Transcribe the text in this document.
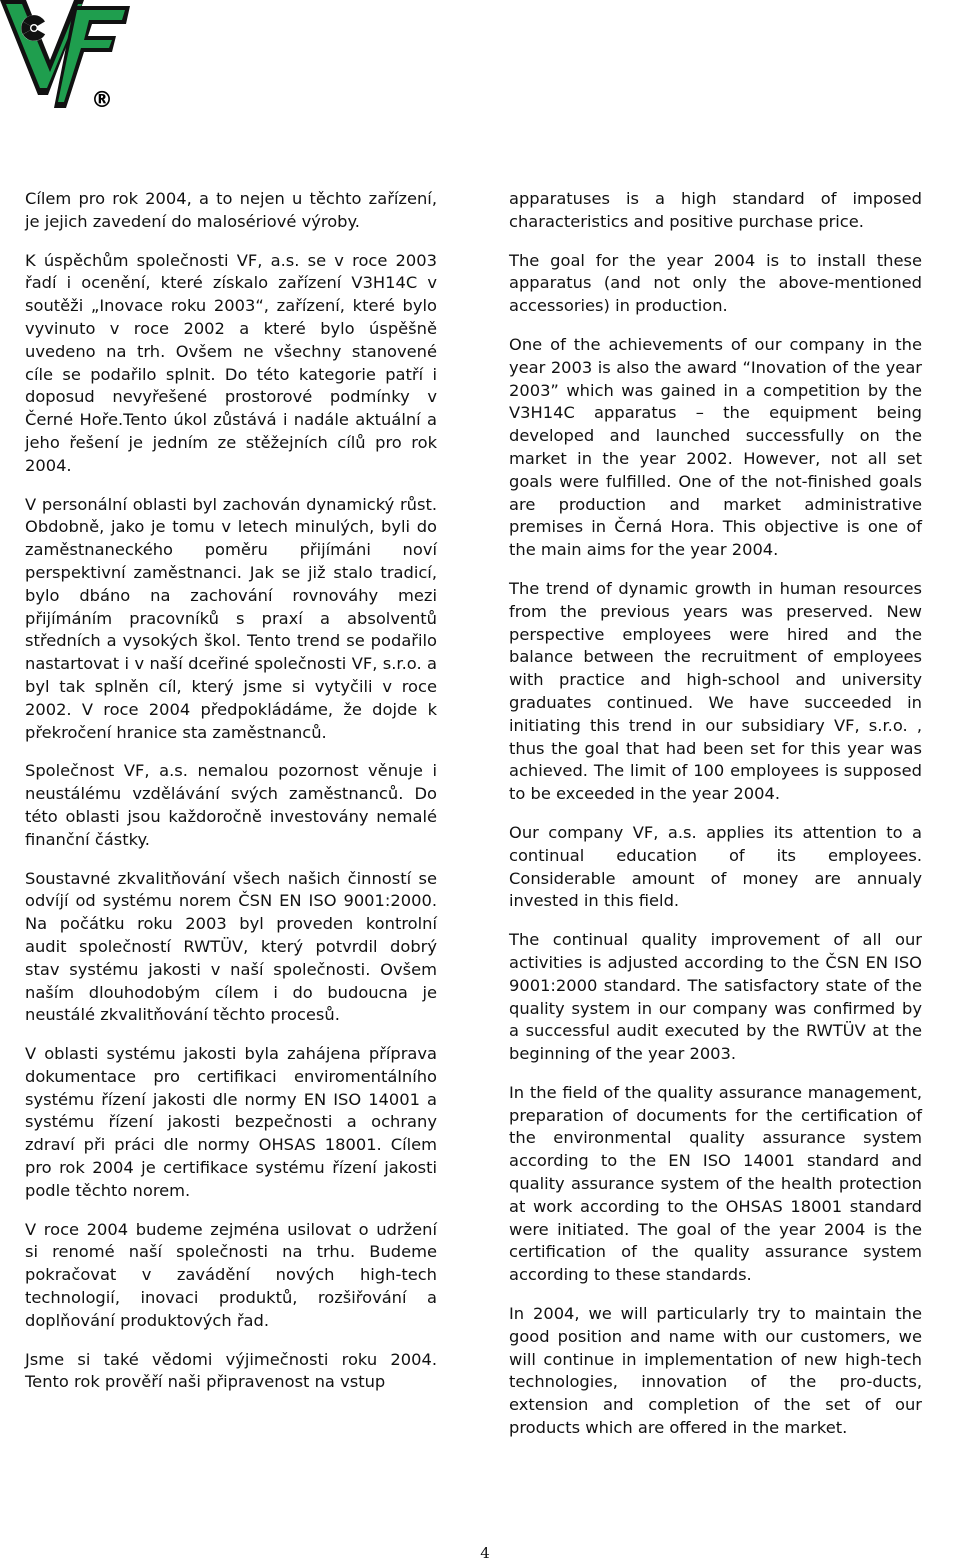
®

Cílem pro rok 2004, a to nejen u těchto zařízení, je jejich zavedení do malosériové výroby.

K úspěchům společnosti VF, a.s. se v roce 2003 řadí i ocenění, které získalo zařízení V3H14C v soutěži „Inovace roku 2003“, zařízení, které bylo vyvinuto v roce 2002 a které bylo úspěšně uvedeno na trh. Ovšem ne všechny stanovené cíle se podařilo splnit. Do této kategorie patří i doposud nevyřešené prostorové podmínky v Černé Hoře.Tento úkol zůstává i nadále aktuální a jeho řešení je jedním ze stěžejních cílů pro rok 2004.

V personální oblasti byl zachován dynamický růst. Obdobně, jako je tomu v letech minulých, byli do zaměstnaneckého poměru přijímáni noví perspektivní zaměstnanci. Jak se již stalo tradicí, bylo dbáno na zachování rovnováhy mezi přijímáním pracovníků s praxí a absolventů středních a vysokých škol. Tento trend se podařilo nastartovat i v naší dceřiné společnosti VF, s.r.o. a byl tak splněn cíl, který jsme si vytyčili v roce 2002. V roce 2004 předpokládáme, že dojde k překročení hranice sta zaměstnanců.

Společnost VF, a.s. nemalou pozornost věnuje i neustálému vzdělávání svých zaměstnanců. Do této oblasti jsou každoročně investovány nemalé finanční částky.

Soustavné zkvalitňování všech našich činností se odvíjí od systému norem ČSN EN ISO 9001:2000. Na počátku roku 2003 byl proveden kontrolní audit společností RWTÜV, který potvrdil dobrý stav systému jakosti v naší společnosti. Ovšem naším dlouhodobým cílem i do budoucna je neustálé zkvalitňování těchto procesů.

V oblasti systému jakosti byla zahájena příprava dokumentace pro certifikaci enviromentálního systému řízení jakosti dle normy EN ISO 14001 a systému řízení jakosti bezpečnosti a ochrany zdraví při práci dle normy OHSAS 18001. Cílem pro rok 2004 je certifikace systému řízení jakosti podle těchto norem.

V roce 2004 budeme zejména usilovat o udržení si renomé naší společnosti na trhu. Budeme pokračovat v zavádění nových high-tech technologií, inovaci produktů, rozšiřování a doplňování produktových řad.

Jsme si také vědomi výjimečnosti roku 2004. Tento rok prověří naši připravenost na vstup

apparatuses is a high standard of imposed characteristics and positive purchase price.

The goal for the year 2004 is to install these apparatus (and not only the above-mentioned accessories) in production.

One of the achievements of our company in the year 2003 is also the award “Inovation of the year 2003” which was gained in a competition by the V3H14C apparatus – the equipment being developed and launched successfully on the market in the year 2002. However, not all set goals were fulfilled. One of the not-finished goals are production and market administrative premises in Černá Hora. This objective is one of the main aims for the year 2004.

The trend of dynamic growth in human resources from the previous years was preserved. New perspective employees were hired and the balance between the recruitment of employees with practice and high-school and university graduates continued. We have succeeded in initiating this trend in our subsidiary VF, s.r.o. , thus the goal that had been set for this year was achieved. The limit of 100 employees is supposed to be exceeded in the year 2004.

Our company VF, a.s. applies its attention to a continual education of its employees. Considerable amount of money are annualy invested in this field.

The continual quality improvement of all our activities is adjusted according to the ČSN EN ISO 9001:2000 standard. The satisfactory state of the quality system in our company was confirmed by a successful audit executed by the RWTÜV at the beginning of the year 2003.

In the field of the quality assurance management, preparation of documents for the certification of the environmental quality assurance system according to the EN ISO 14001 standard and quality assurance system of the health protection at work according to the OHSAS 18001 standard were initiated. The goal of the year 2004 is the certification of the quality assurance system according to these standards.

In 2004, we will particularly try to maintain the good position and name with our customers, we will continue in implementation of new high-tech technologies, innovation of the pro-ducts, extension and completion of the set of our products which are offered in the market.

4
